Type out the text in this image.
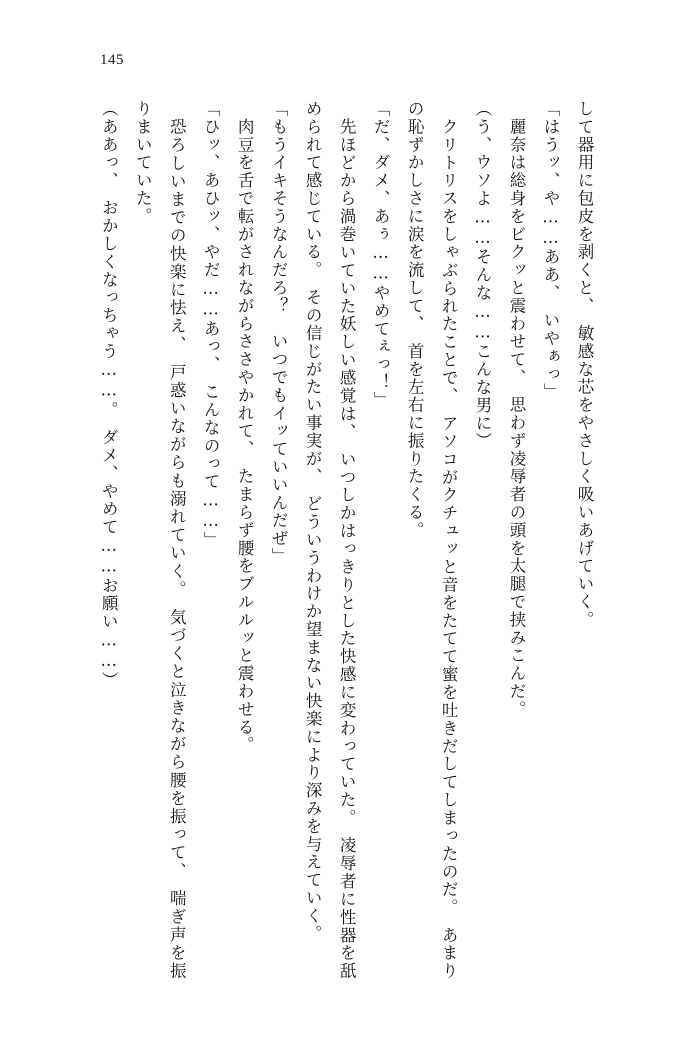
145

して器用に包皮を剥くと、　敏感な芯をやさしく吸いあげていく。

「はうッ、や……ああ、　いやぁっ」

　麗奈は総身をビクッと震わせて、　思わず凌辱者の頭を太腿で挟みこんだ。

（う、ウソよ……そんな……こんな男に）

　クリトリスをしゃぶられたことで、　アソコがクチュッと音をたてて蜜を吐きだしてしまったのだ。　あまりの恥ずかしさに涙を流して、　首を左右に振りたくる。

「だ、ダメ、あぅ……やめてぇっ！」

　先ほどから渦巻いていた妖しい感覚は、　いつしかはっきりとした快感に変わっていた。　凌辱者に性器を舐められて感じている。　その信じがたい事実が、　どういうわけか望まない快楽により深みを与えていく。

「もうイキそうなんだろ？　いつでもイッていいんだぜ」

　肉豆を舌で転がされながらささやかれて、　たまらず腰をブルルッと震わせる。

「ひッ、あひッ、やだ……あっ、　こんなのって……」

　恐ろしいまでの快楽に怯え、　戸惑いながらも溺れていく。　気づくと泣きながら腰を振って、　喘ぎ声を振りまいていた。

（ああっ、　おかしくなっちゃう……。　ダメ、やめて……お願い……）
